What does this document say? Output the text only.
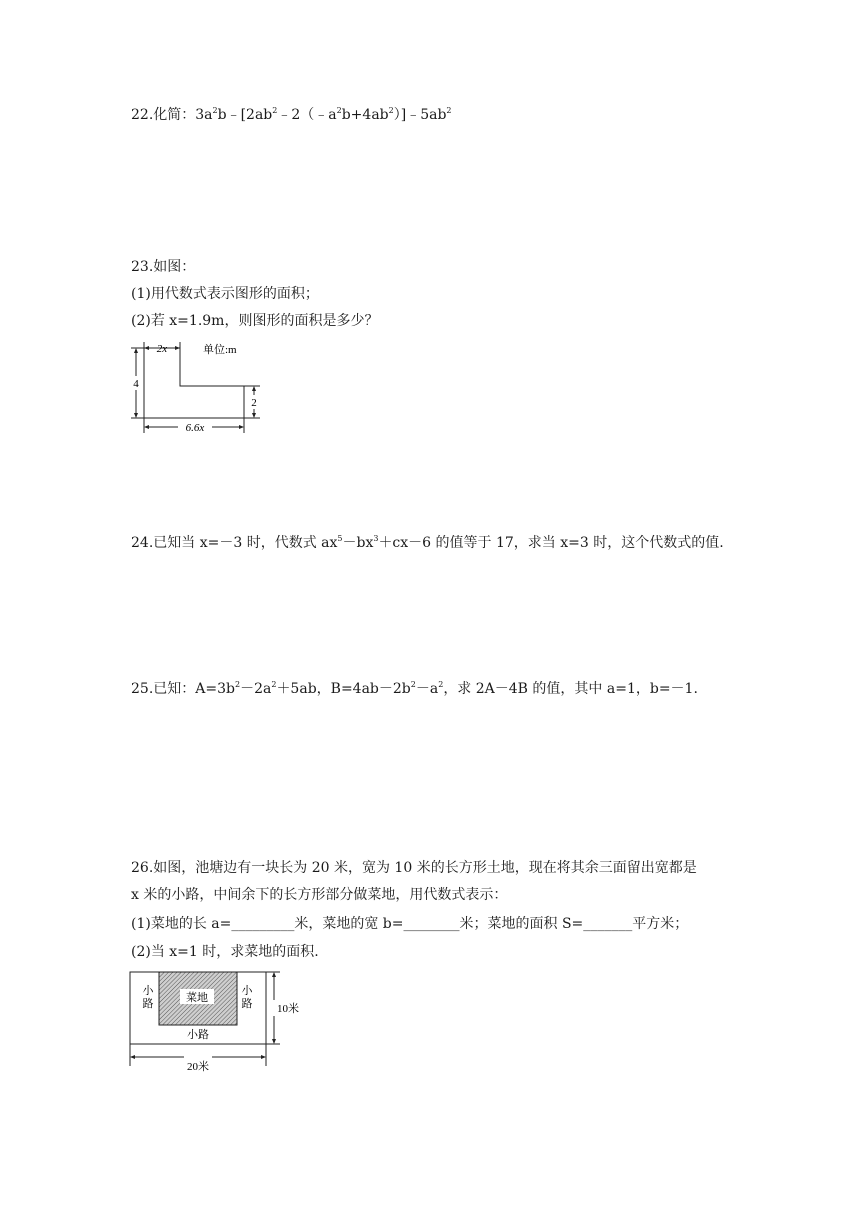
22.化简：$3a^2b﹣[2ab^2﹣2(﹣a^2b+4ab^2)]﹣5ab^2$
23.如图：
(1)用代数式表示图形的面积；
(2)若 x=1.9m，则图形的面积是多少？
2x	单位:m
4
2
6.6x
24.已知当 x=－3 时，代数式 $ax^5-bx^3+cx-6$ 的值等于 17，求当 x=3 时，这个代数式的值.
25.已知：$A=3b^2-2a^2+5ab$，$B=4ab-2b^2-a^2$，求 2A－4B 的值，其中 a=1，b=－1.
26.如图，池塘边有一块长为 20 米，宽为 10 米的长方形土地，现在将其余三面留出宽都是
x 米的小路，中间余下的长方形部分做菜地，用代数式表示：
(1)菜地的长 a=_________米，菜地的宽 b=________米；菜地的面积 S=_______平方米；
(2)当 x=1 时，求菜地的面积.
菜地
小
路
小
路
小路
10米
20米
